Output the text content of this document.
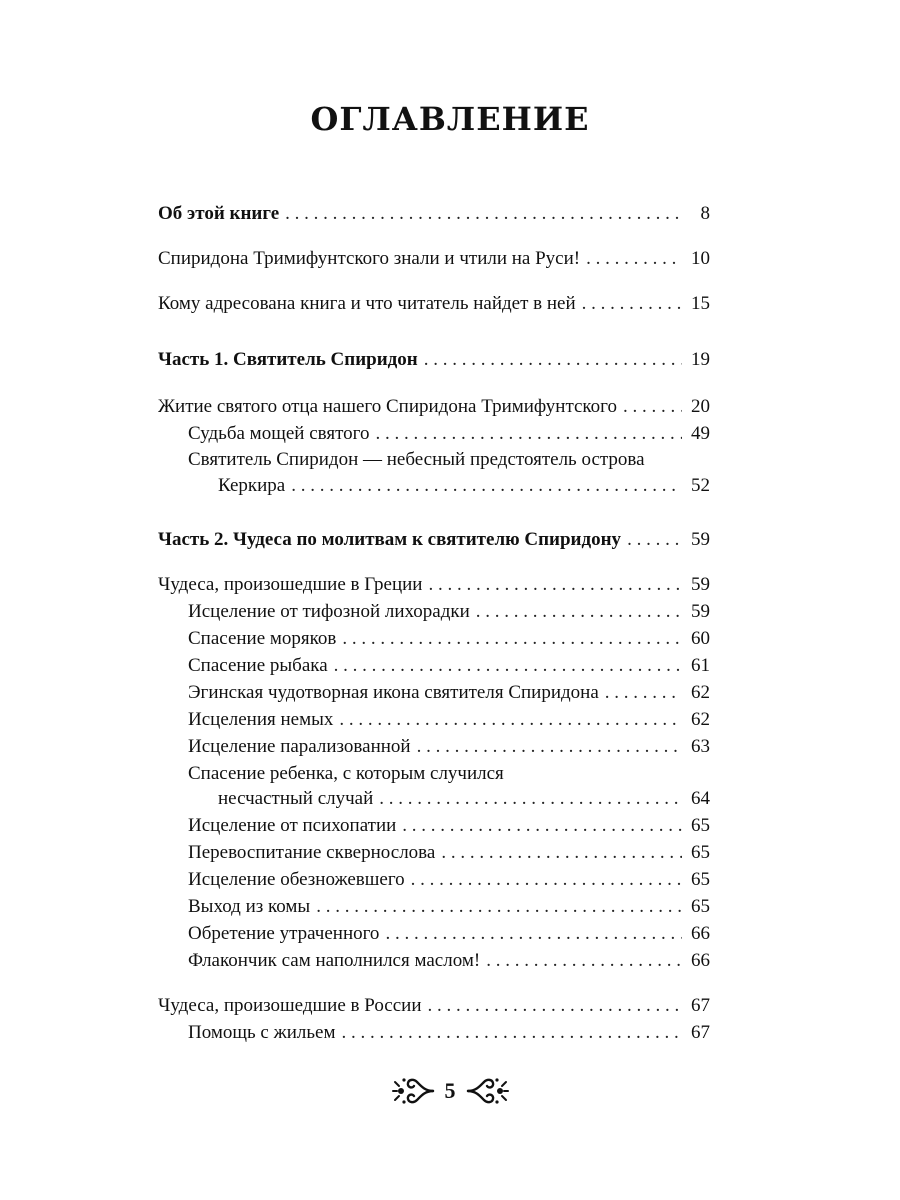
ОГЛАВЛЕНИЕ
Об этой книге . . .	8
Спиридона Тримифунтского знали и чтили на Руси! . . .	10
Кому адресована книга и что читатель найдет в ней . . .	15
Часть 1. Святитель Спиридон . . .	19
Житие святого отца нашего Спиридона Тримифунтского . . .	20
Судьба мощей святого . . .	49
Святитель Спиридон — небесный предстоятель острова
Керкира . . .	52
Часть 2. Чудеса по молитвам к святителю Спиридону . . .	59
Чудеса, произошедшие в Греции . . .	59
Исцеление от тифозной лихорадки . . .	59
Спасение моряков . . .	60
Спасение рыбака . . .	61
Эгинская чудотворная икона святителя Спиридона . . .	62
Исцеления немых . . .	62
Исцеление парализованной . . .	63
Спасение ребенка, с которым случился
несчастный случай . . .	64
Исцеление от психопатии . . .	65
Перевоспитание сквернослова . . .	65
Исцеление обезножевшего . . .	65
Выход из комы . . .	65
Обретение утраченного . . .	66
Флакончик сам наполнился маслом! . . .	66
Чудеса, произошедшие в России . . .	67
Помощь с жильем . . .	67
5
